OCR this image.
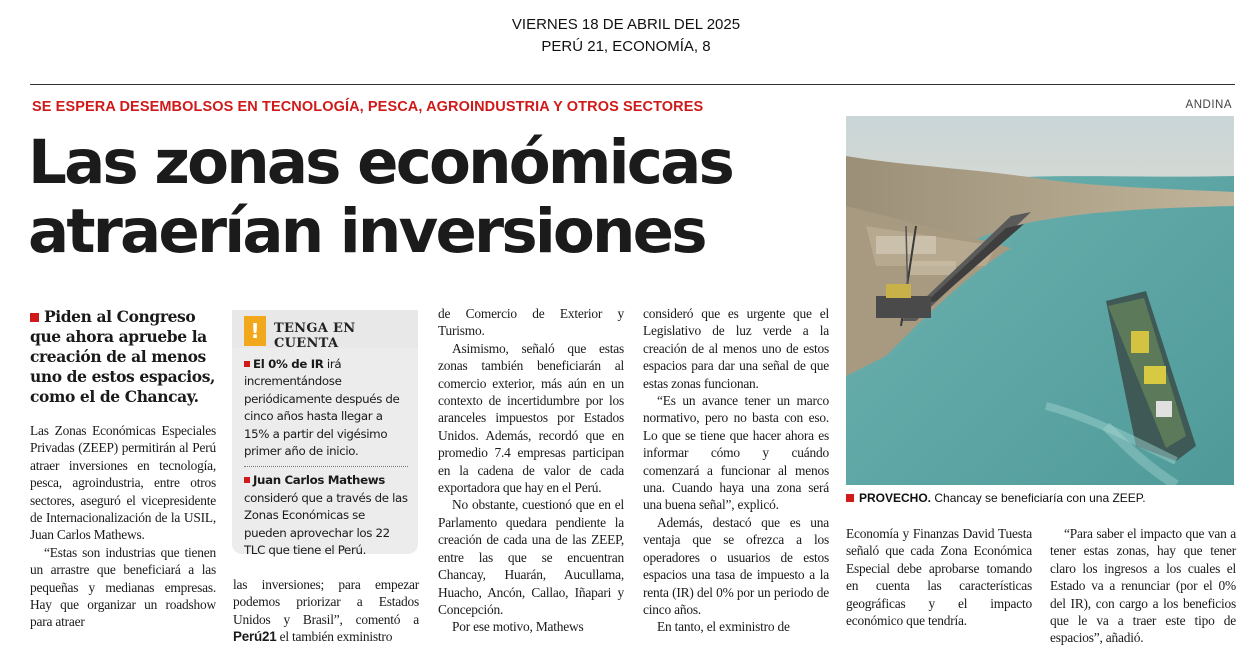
VIERNES 18 DE ABRIL DEL 2025
PERÚ 21, ECONOMÍA, 8
SE ESPERA DESEMBOLSOS EN TECNOLOGÍA, PESCA, AGROINDUSTRIA Y OTROS SECTORES	ANDINA
Las zonas económicas
atraerían inversiones
PROVECHO. Chancay se beneficiaría con una ZEEP.
Piden al Congreso que ahora apruebe la creación de al menos uno de estos espacios, como el de Chancay.

Las Zonas Económicas Especiales Privadas (ZEEP) permitirán al Perú atraer inversiones en tecnología, pesca, agroindustria, entre otros sectores, aseguró el vicepresidente de Internacionalización de la USIL, Juan Carlos Mathews.

“Estas son industrias que tienen un arrastre que beneficiará a las pequeñas y medianas empresas. Hay que organizar un roadshow para atraer

!	TENGA EN CUENTA

El 0% de IR irá incrementándose periódicamente después de cinco años hasta llegar a 15% a partir del vigésimo primer año de inicio.

Juan Carlos Mathews consideró que a través de las Zonas Económicas se pueden aprovechar los 22 TLC que tiene el Perú.

las inversiones; para empezar podemos priorizar a Estados Unidos y Brasil”, comentó a Perú21 el también exministro

de Comercio de Exterior y Turismo.

Asimismo, señaló que estas zonas también beneficiarán al comercio exterior, más aún en un contexto de incertidumbre por los aranceles impuestos por Estados Unidos. Además, recordó que en promedio 7.4 empresas participan en la cadena de valor de cada exportadora que hay en el Perú.

No obstante, cuestionó que en el Parlamento quedara pendiente la creación de cada una de las ZEEP, entre las que se encuentran Chancay, Huarán, Aucullama, Huacho, Ancón, Callao, Iñapari y Concepción.

Por ese motivo, Mathews

consideró que es urgente que el Legislativo de luz verde a la creación de al menos uno de estos espacios para dar una señal de que estas zonas funcionan.

“Es un avance tener un marco normativo, pero no basta con eso. Lo que se tiene que hacer ahora es informar cómo y cuándo comenzará a funcionar al menos una. Cuando haya una zona será una buena señal”, explicó.

Además, destacó que es una ventaja que se ofrezca a los operadores o usuarios de estos espacios una tasa de impuesto a la renta (IR) del 0% por un periodo de cinco años.

En tanto, el exministro de

Economía y Finanzas David Tuesta señaló que cada Zona Económica Especial debe aprobarse tomando en cuenta las características geográficas y el impacto económico que tendría.

“Para saber el impacto que van a tener estas zonas, hay que tener claro los ingresos a los cuales el Estado va a renunciar (por el 0% del IR), con cargo a los beneficios que le va a traer este tipo de espacios”, añadió.
